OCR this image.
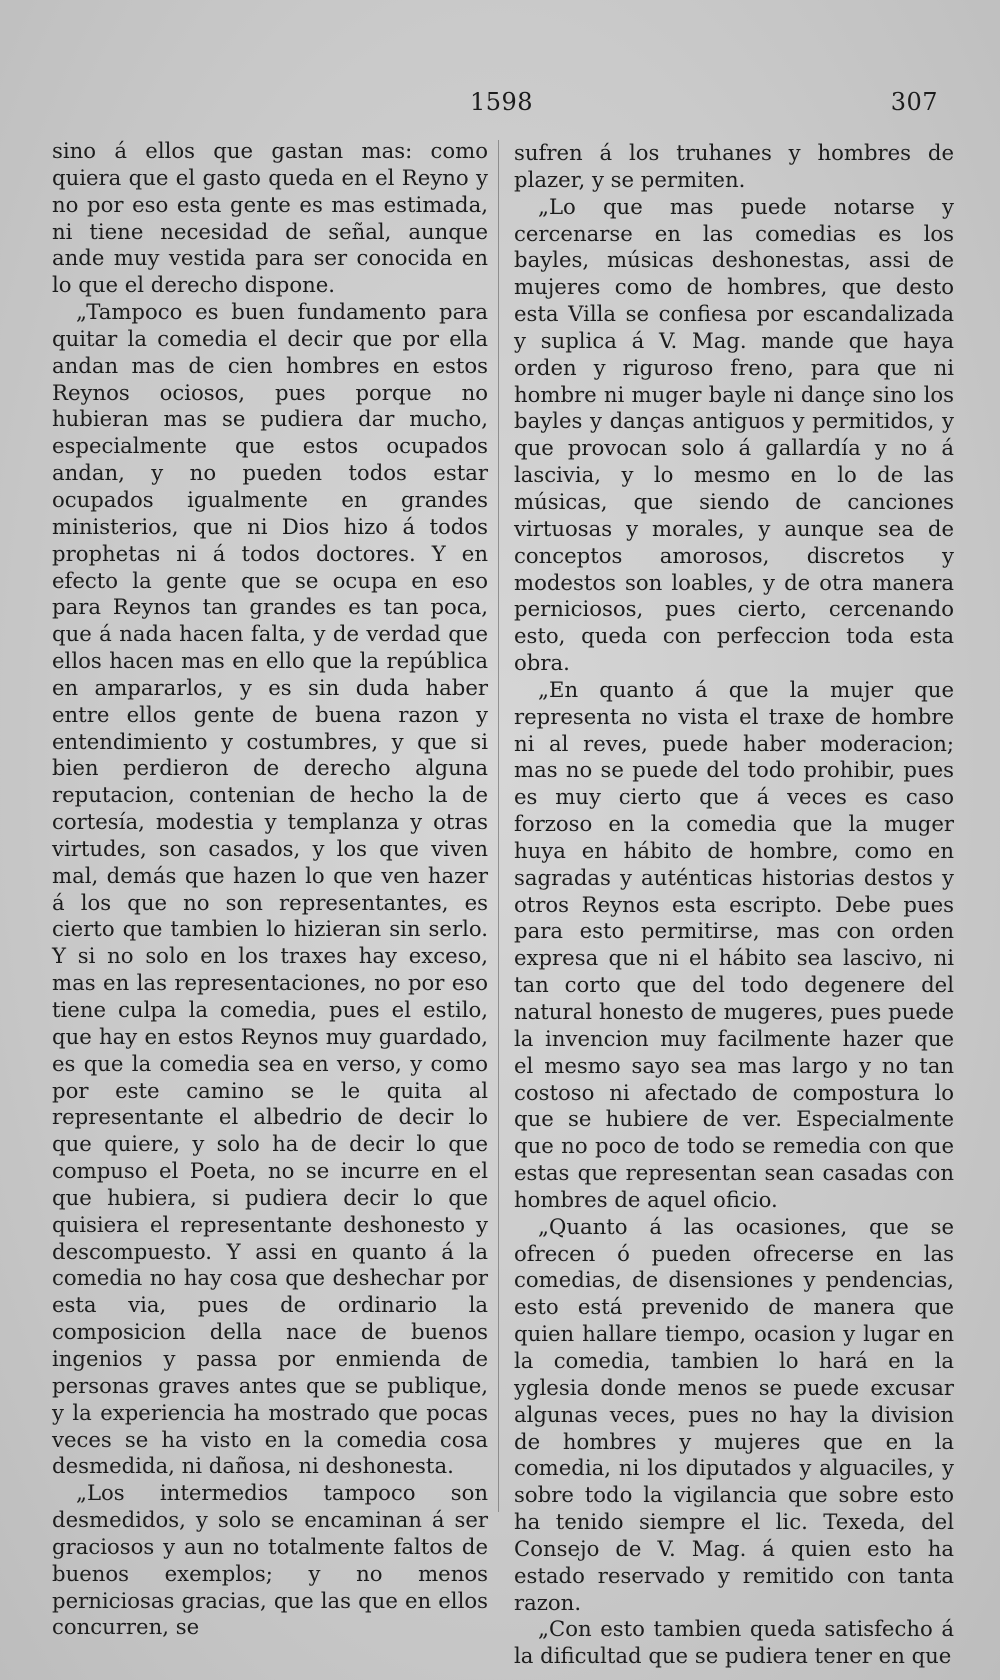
1598	307

sino á ellos que gastan mas: como quiera que el gasto queda en el Reyno y no por eso esta gente es mas estimada, ni tiene necesidad de señal, aunque ande muy vestida para ser conocida en lo que el derecho dispone.

„Tampoco es buen fundamento para quitar la comedia el decir que por ella andan mas de cien hombres en estos Reynos ociosos, pues porque no hubieran mas se pudiera dar mucho, especialmente que estos ocupados andan, y no pueden todos estar ocupados igualmente en grandes ministerios, que ni Dios hizo á todos prophetas ni á todos doctores. Y en efecto la gente que se ocupa en eso para Reynos tan grandes es tan poca, que á nada hacen falta, y de verdad que ellos hacen mas en ello que la república en ampararlos, y es sin duda haber entre ellos gente de buena razon y entendimiento y costumbres, y que si bien perdieron de derecho alguna reputacion, contenian de hecho la de cortesía, modestia y templanza y otras virtudes, son casados, y los que viven mal, demás que hazen lo que ven hazer á los que no son representantes, es cierto que tambien lo hizieran sin serlo. Y si no solo en los traxes hay exceso, mas en las representaciones, no por eso tiene culpa la comedia, pues el estilo, que hay en estos Reynos muy guardado, es que la comedia sea en verso, y como por este camino se le quita al representante el albedrio de decir lo que quiere, y solo ha de decir lo que compuso el Poeta, no se incurre en el que hubiera, si pudiera decir lo que quisiera el representante deshonesto y descompuesto. Y assi en quanto á la comedia no hay cosa que deshechar por esta via, pues de ordinario la composicion della nace de buenos ingenios y passa por enmienda de personas graves antes que se publique, y la experiencia ha mostrado que pocas veces se ha visto en la comedia cosa desmedida, ni dañosa, ni deshonesta.

„Los intermedios tampoco son desmedidos, y solo se encaminan á ser graciosos y aun no totalmente faltos de buenos exemplos; y no menos perniciosas gracias, que las que en ellos concurren, se

sufren á los truhanes y hombres de plazer, y se permiten.

„Lo que mas puede notarse y cercenarse en las comedias es los bayles, músicas deshonestas, assi de mujeres como de hombres, que desto esta Villa se confiesa por escandalizada y suplica á V. Mag. mande que haya orden y riguroso freno, para que ni hombre ni muger bayle ni dançe sino los bayles y danças antiguos y permitidos, y que provocan solo á gallardía y no á lascivia, y lo mesmo en lo de las músicas, que siendo de canciones virtuosas y morales, y aunque sea de conceptos amorosos, discretos y modestos son loables, y de otra manera perniciosos, pues cierto, cercenando esto, queda con perfeccion toda esta obra.

„En quanto á que la mujer que representa no vista el traxe de hombre ni al reves, puede haber moderacion; mas no se puede del todo prohibir, pues es muy cierto que á veces es caso forzoso en la comedia que la muger huya en hábito de hombre, como en sagradas y auténticas historias destos y otros Reynos esta escripto. Debe pues para esto permitirse, mas con orden expresa que ni el hábito sea lascivo, ni tan corto que del todo degenere del natural honesto de mugeres, pues puede la invencion muy facilmente hazer que el mesmo sayo sea mas largo y no tan costoso ni afectado de compostura lo que se hubiere de ver. Especialmente que no poco de todo se remedia con que estas que representan sean casadas con hombres de aquel oficio.

„Quanto á las ocasiones, que se ofrecen ó pueden ofrecerse en las comedias, de disensiones y pendencias, esto está prevenido de manera que quien hallare tiempo, ocasion y lugar en la comedia, tambien lo hará en la yglesia donde menos se puede excusar algunas veces, pues no hay la division de hombres y mujeres que en la comedia, ni los diputados y alguaciles, y sobre todo la vigilancia que sobre esto ha tenido siempre el lic. Texeda, del Consejo de V. Mag. á quien esto ha estado reservado y remitido con tanta razon.

„Con esto tambien queda satisfecho á la dificultad que se pudiera tener en que
